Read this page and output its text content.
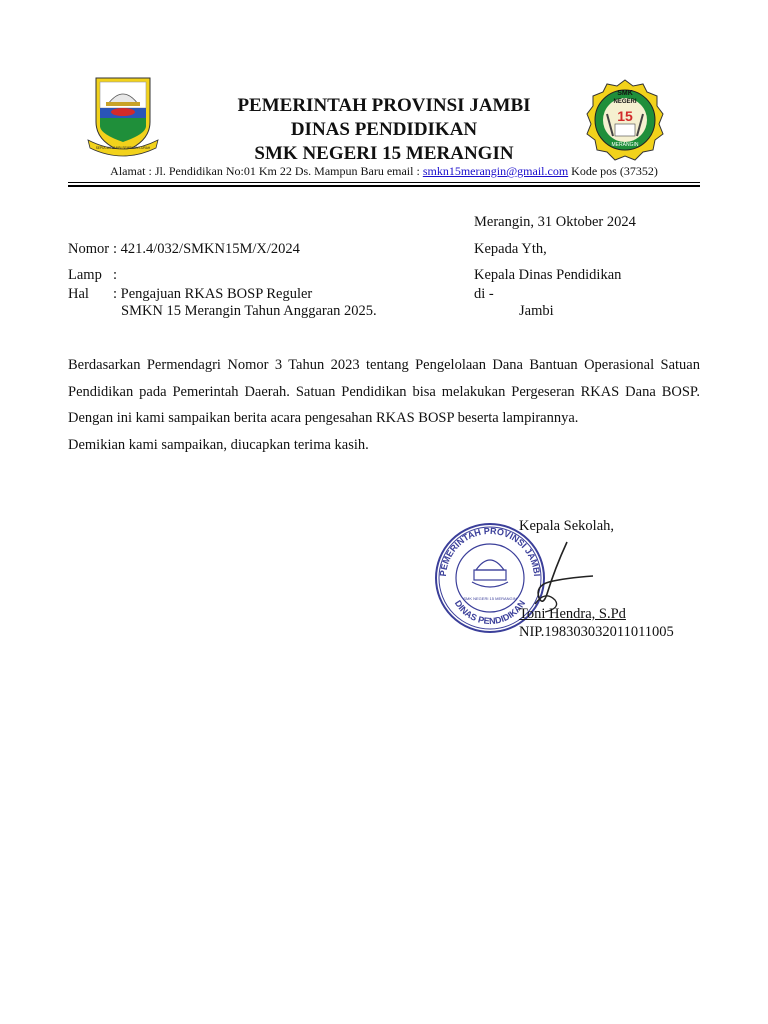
SEPUCUK JAMBI SEMBILAN LURAH
PEMERINTAH PROVINSI JAMBI
DINAS PENDIDIKAN
SMK NEGERI 15 MERANGIN
SMK
NEGERI
15
MERANGIN
Alamat : Jl. Pendidikan No:01 Km 22 Ds. Mampun Baru email : smkn15merangin@gmail.com Kode pos (37352)
Merangin, 31 Oktober 2024
Nomor : 421.4/032/SMKN15M/X/2024
Lamp :
Hal : Pengajuan RKAS BOSP Reguler
SMKN 15 Merangin Tahun Anggaran 2025.
Kepada Yth,
Kepala Dinas Pendidikan
di -
Jambi
Berdasarkan Permendagri Nomor 3 Tahun 2023 tentang Pengelolaan Dana Bantuan Operasional Satuan
Pendidikan pada Pemerintah Daerah. Satuan Pendidikan bisa melakukan Pergeseran RKAS Dana BOSP.
Dengan ini kami sampaikan berita acara pengesahan RKAS BOSP beserta lampirannya.
Demikian kami sampaikan, diucapkan terima kasih.
PEMERINTAH PROVINSI JAMBI
DINAS PENDIDIKAN
SMK NEGERI 15 MERANGIN
Kepala Sekolah,
Toni Hendra, S.Pd
NIP.198303032011011005
